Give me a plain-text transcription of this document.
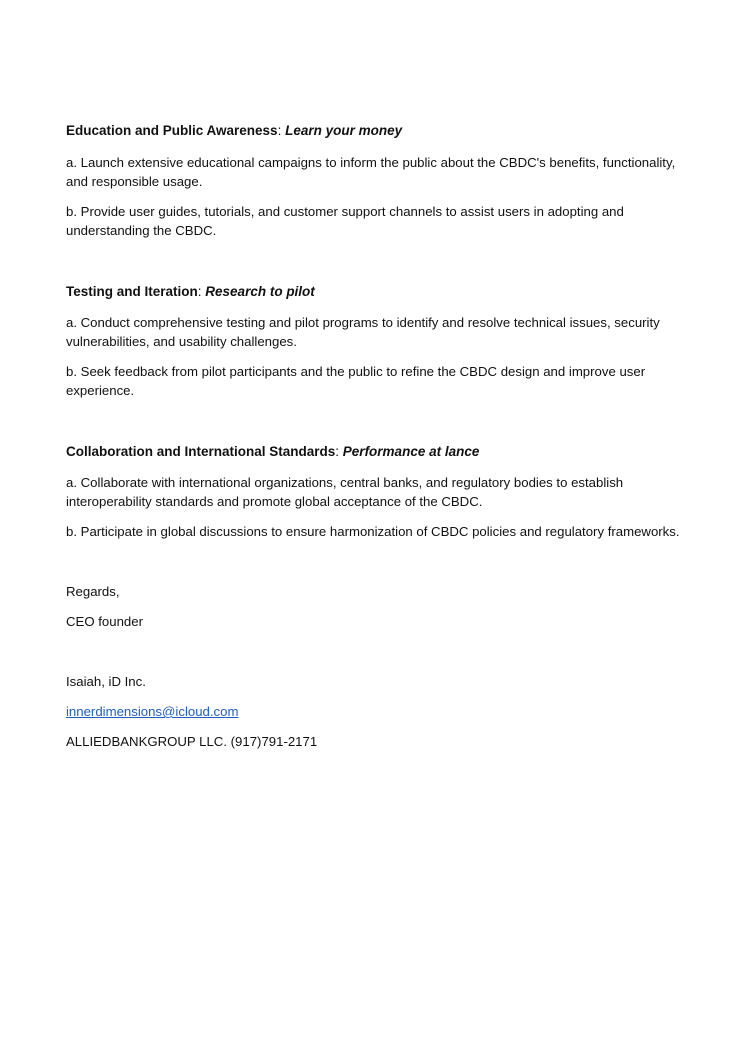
Education and Public Awareness: Learn your money
a. Launch extensive educational campaigns to inform the public about the CBDC's benefits, functionality, and responsible usage.
b. Provide user guides, tutorials, and customer support channels to assist users in adopting and understanding the CBDC.
Testing and Iteration: Research to pilot
a. Conduct comprehensive testing and pilot programs to identify and resolve technical issues, security vulnerabilities, and usability challenges.
b. Seek feedback from pilot participants and the public to refine the CBDC design and improve user experience.
Collaboration and International Standards: Performance at lance
a. Collaborate with international organizations, central banks, and regulatory bodies to establish interoperability standards and promote global acceptance of the CBDC.
b. Participate in global discussions to ensure harmonization of CBDC policies and regulatory frameworks.
Regards,
CEO founder
Isaiah, iD Inc.
innerdimensions@icloud.com
ALLIEDBANKGROUP LLC. (917)791-2171
